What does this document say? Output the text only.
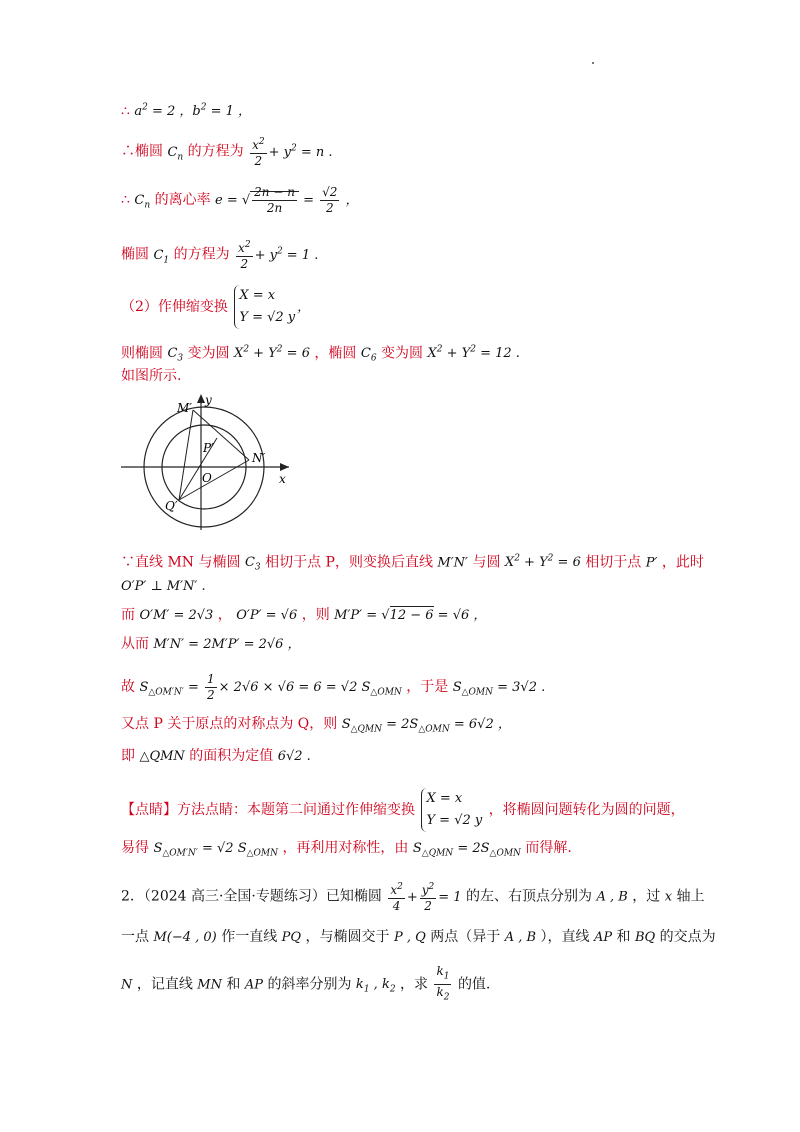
∴ $a^2 = 2$ ，$b^2 = 1$ ，
∴椭圆 $C_n$ 的方程为 $\frac{x^2}{2} + y^2 = n$ .
∴ $C_n$ 的离心率 e = √ $\frac{2n - n}{2n} = \frac{√2}{2}$ ，
椭圆 $C_1$ 的方程为 $\frac{x^2}{2} + y^2 = 1$ .
（2）作伸缩变换
X = x
Y = √2 y
，
则椭圆 $C_3$ 变为圆 $X^2 + Y^2 = 6$ ，椭圆 $C_6$ 变为圆 $X^2 + Y^2 = 12$ .
如图所示.
y
M′
P′
N′
O	x
Q′
∵直线 MN 与椭圆 $C_3$ 相切于点 P，则变换后直线 M′N′ 与圆 $X^2 + Y^2 = 6$ 相切于点 P′ ，此时
O′P′ ⊥ M′N′ .
而 O′M′ = 2√3 ， O′P′ = √6 ，则 M′P′ = √12 − 6 = √6 ，
从而 M′N′ = 2M′P′ = 2√6 ，
故 $S_{\triangle OM'N'} = \frac{1}{2} \times 2√6 \times √6 = 6 = √2$ $S_{\triangle OMN}$ ，于是 $S_{\triangle OMN} = 3√2$ .
又点 P 关于原点的对称点为 Q，则 $S_{\triangle QMN} = 2S_{\triangle OMN} = 6√2$ ，
即 △QMN 的面积为定值 6√2 .
【点睛】方法点睛：本题第二问通过作伸缩变换
X = x
Y = √2 y
，将椭圆问题转化为圆的问题，
易得 $S_{\triangle OM'N'} = √2$ $S_{\triangle OMN}$ ，再利用对称性，由 $S_{\triangle QMN} = 2S_{\triangle OMN}$ 而得解.
2．（2024 高三·全国·专题练习）已知椭圆 $\frac{x^2}{4} + \frac{y^2}{2} = 1$ 的左、右顶点分别为 A , B ，过 x 轴上
一点 M(−4 , 0) 作一直线 PQ ，与椭圆交于 P , Q 两点（异于 A , B ），直线 AP 和 BQ 的交点为
N ，记直线 MN 和 AP 的斜率分别为 $k_1$ , $k_2$ ，求 $\frac{k_1}{k_2}$ 的值.
